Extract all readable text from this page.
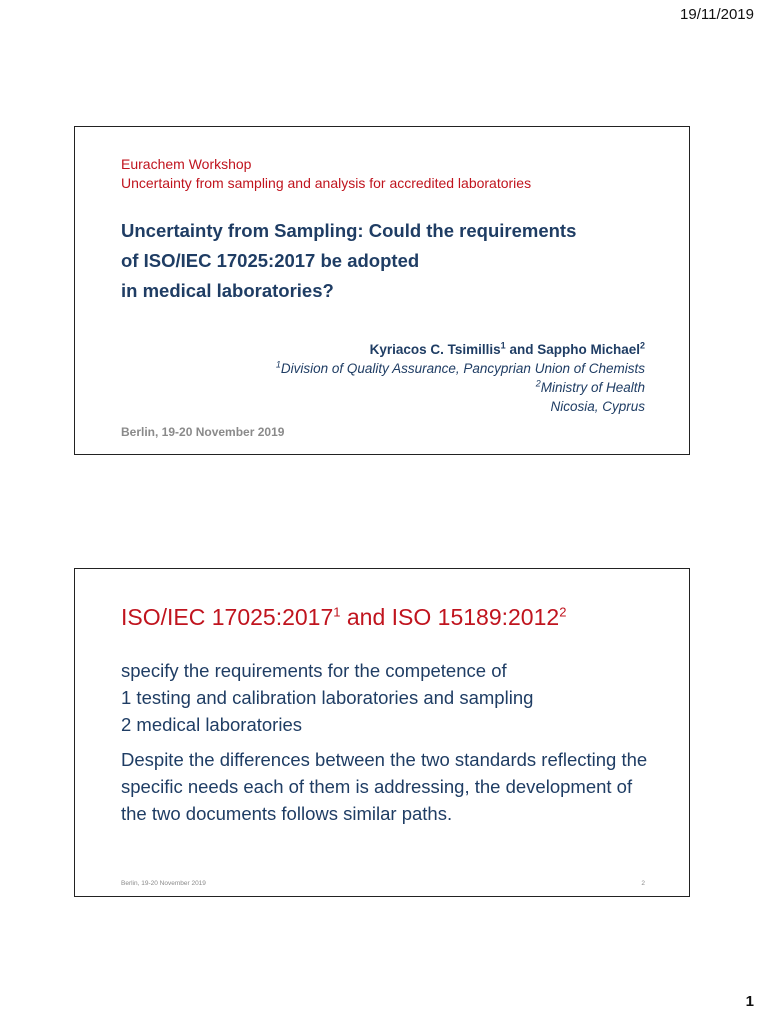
19/11/2019
Eurachem Workshop
Uncertainty from sampling and analysis for accredited laboratories
Uncertainty from Sampling: Could the requirements
of ISO/IEC 17025:2017 be adopted
in medical laboratories?
Kyriacos C. Tsimillis$^1$ and Sappho Michael$^2$
$^1$Division of Quality Assurance, Pancyprian Union of Chemists
$^2$Ministry of Health
Nicosia, Cyprus
Berlin, 19-20 November 2019
ISO/IEC 17025:2017$^1$ and ISO 15189:2012$^2$
specify the requirements for the competence of
1 testing and calibration laboratories and sampling
2 medical laboratories
Despite the differences between the two standards reflecting the specific needs each of them is addressing, the development of the two documents follows similar paths.
Berlin, 19-20 November 2019	2
1
